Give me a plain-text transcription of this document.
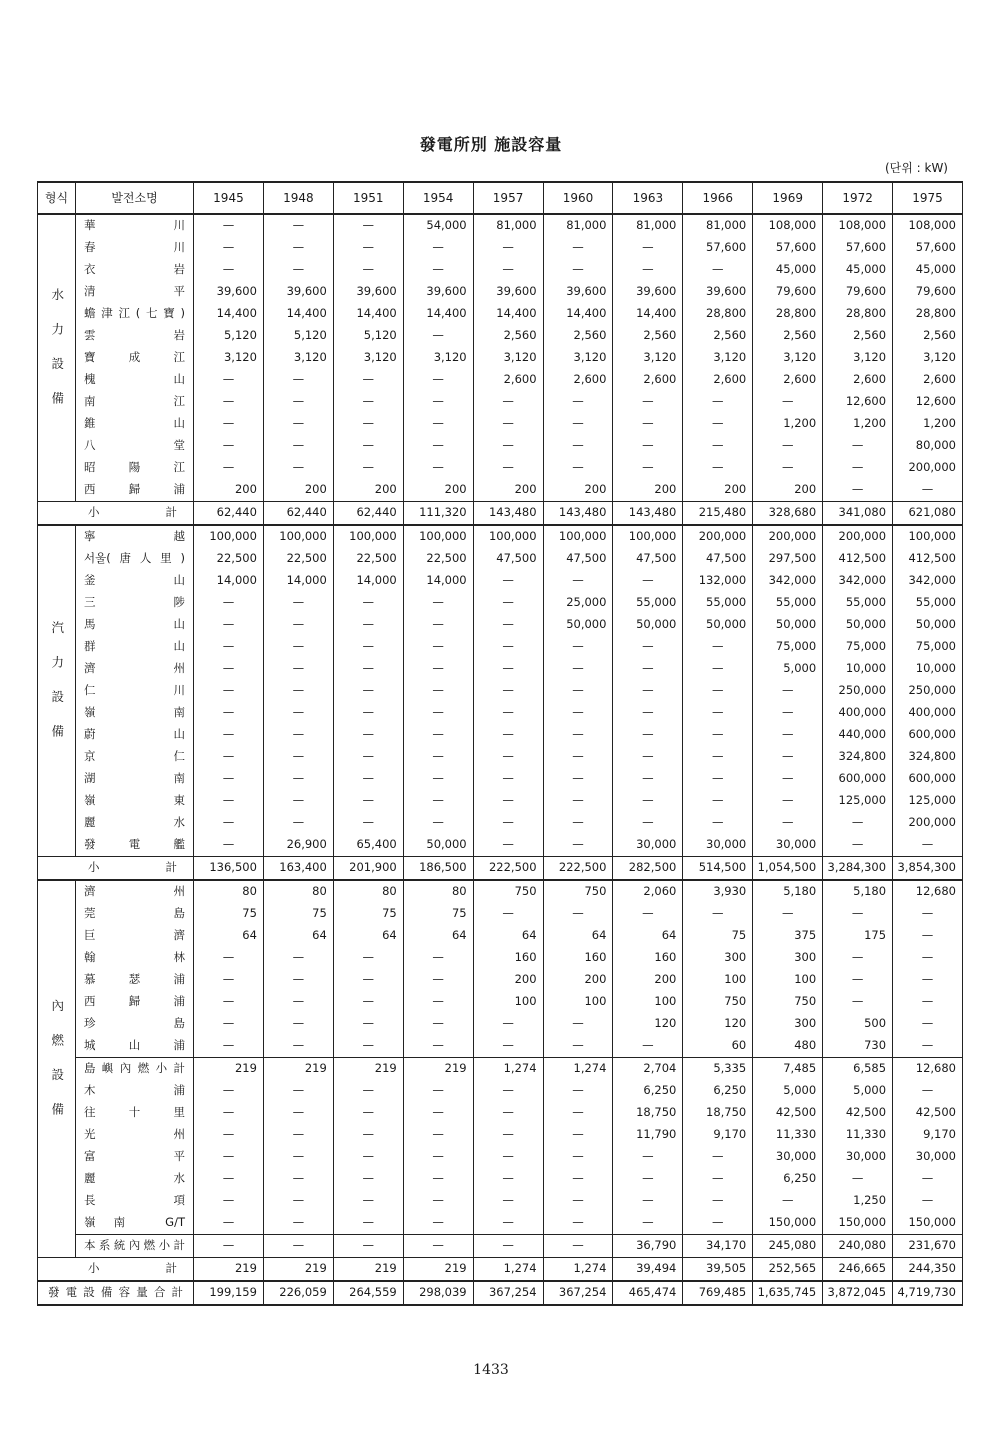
發電所別 施設容量
(단위 : kW)
형식	발전소명	1945	1948	1951	1954	1957	1960	1963	1966	1969	1972	1975
水力設備	華川	—	—	—	54,000	81,000	81,000	81,000	81,000	108,000	108,000	108,000
	春川	—	—	—	—	—	—	—	57,600	57,600	57,600	57,600
	衣岩	—	—	—	—	—	—	—	—	45,000	45,000	45,000
	清平	39,600	39,600	39,600	39,600	39,600	39,600	39,600	39,600	79,600	79,600	79,600
	蟾津江(七寶)	14,400	14,400	14,400	14,400	14,400	14,400	14,400	28,800	28,800	28,800	28,800
	雲岩	5,120	5,120	5,120	—	2,560	2,560	2,560	2,560	2,560	2,560	2,560
	寶成江	3,120	3,120	3,120	3,120	3,120	3,120	3,120	3,120	3,120	3,120	3,120
	槐山	—	—	—	—	2,600	2,600	2,600	2,600	2,600	2,600	2,600
	南江	—	—	—	—	—	—	—	—	—	12,600	12,600
	錐山	—	—	—	—	—	—	—	—	1,200	1,200	1,200
	八堂	—	—	—	—	—	—	—	—	—	—	80,000
	昭陽江	—	—	—	—	—	—	—	—	—	—	200,000
	西歸浦	200	200	200	200	200	200	200	200	200	—	—
小計		62,440	62,440	62,440	111,320	143,480	143,480	143,480	215,480	328,680	341,080	621,080
汽力設備	寧越	100,000	100,000	100,000	100,000	100,000	100,000	100,000	200,000	200,000	200,000	100,000
	서울(唐人里)	22,500	22,500	22,500	22,500	47,500	47,500	47,500	47,500	297,500	412,500	412,500
	釜山	14,000	14,000	14,000	14,000	—	—	—	132,000	342,000	342,000	342,000
	三陟	—	—	—	—	—	25,000	55,000	55,000	55,000	55,000	55,000
	馬山	—	—	—	—	—	50,000	50,000	50,000	50,000	50,000	50,000
	群山	—	—	—	—	—	—	—	—	75,000	75,000	75,000
	濟州	—	—	—	—	—	—	—	—	5,000	10,000	10,000
	仁川	—	—	—	—	—	—	—	—	—	250,000	250,000
	嶺南	—	—	—	—	—	—	—	—	—	400,000	400,000
	蔚山	—	—	—	—	—	—	—	—	—	440,000	600,000
	京仁	—	—	—	—	—	—	—	—	—	324,800	324,800
	湖南	—	—	—	—	—	—	—	—	—	600,000	600,000
	嶺東	—	—	—	—	—	—	—	—	—	125,000	125,000
	麗水	—	—	—	—	—	—	—	—	—	—	200,000
	發電艦	—	26,900	65,400	50,000	—	—	30,000	30,000	30,000	—	—
小計		136,500	163,400	201,900	186,500	222,500	222,500	282,500	514,500	1,054,500	3,284,300	3,854,300
內燃設備	濟州	80	80	80	80	750	750	2,060	3,930	5,180	5,180	12,680
	莞島	75	75	75	75	—	—	—	—	—	—	—
	巨濟	64	64	64	64	64	64	64	75	375	175	—
	翰林	—	—	—	—	160	160	160	300	300	—	—
	慕瑟浦	—	—	—	—	200	200	200	100	100	—	—
	西歸浦	—	—	—	—	100	100	100	750	750	—	—
	珍島	—	—	—	—	—	—	120	120	300	500	—
	城山浦	—	—	—	—	—	—	—	60	480	730	—
	島嶼內燃小計	219	219	219	219	1,274	1,274	2,704	5,335	7,485	6,585	12,680
	木浦	—	—	—	—	—	—	6,250	6,250	5,000	5,000	—
	往十里	—	—	—	—	—	—	18,750	18,750	42,500	42,500	42,500
	光州	—	—	—	—	—	—	11,790	9,170	11,330	11,330	9,170
	富平	—	—	—	—	—	—	—	—	30,000	30,000	30,000
	麗水	—	—	—	—	—	—	—	—	6,250	—	—
	長項	—	—	—	—	—	—	—	—	—	1,250	—
	嶺南 G/T	—	—	—	—	—	—	—	—	150,000	150,000	150,000
	本系統內燃小計	—	—	—	—	—	—	36,790	34,170	245,080	240,080	231,670
小計		219	219	219	219	1,274	1,274	39,494	39,505	252,565	246,665	244,350
發電設備容量合計		199,159	226,059	264,559	298,039	367,254	367,254	465,474	769,485	1,635,745	3,872,045	4,719,730
1433
